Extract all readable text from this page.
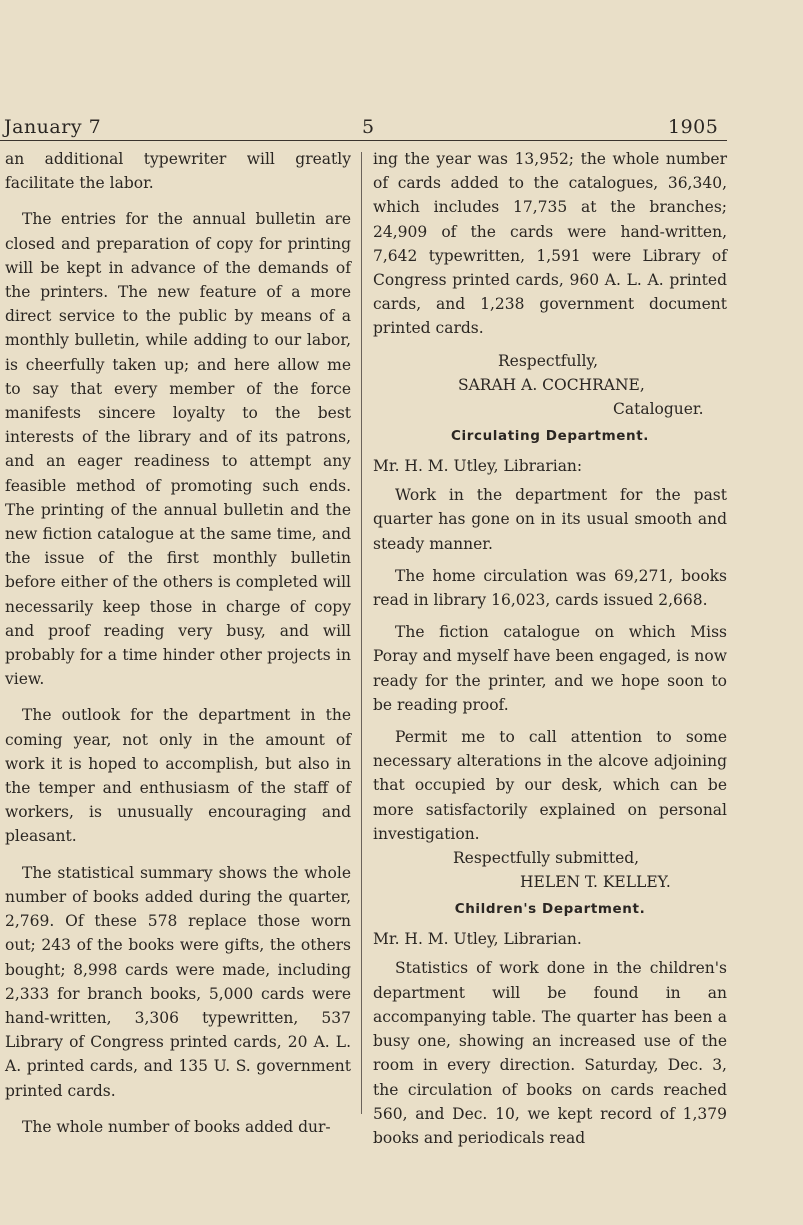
January 7	5	1905

an additional typewriter will greatly facilitate the labor.

The entries for the annual bulletin are closed and preparation of copy for printing will be kept in advance of the demands of the printers. The new feature of a more direct service to the public by means of a monthly bulletin, while adding to our labor, is cheerfully taken up; and here allow me to say that every member of the force manifests sincere loyalty to the best interests of the library and of its patrons, and an eager readiness to attempt any feasible method of promoting such ends. The printing of the annual bulletin and the new fiction catalogue at the same time, and the issue of the first monthly bulletin before either of the others is completed will necessarily keep those in charge of copy and proof reading very busy, and will probably for a time hinder other projects in view.

The outlook for the department in the coming year, not only in the amount of work it is hoped to accomplish, but also in the temper and enthusiasm of the staff of workers, is unusually encouraging and pleasant.

The statistical summary shows the whole number of books added during the quarter, 2,769. Of these 578 replace those worn out; 243 of the books were gifts, the others bought; 8,998 cards were made, including 2,333 for branch books, 5,000 cards were hand-written, 3,306 typewritten, 537 Library of Congress printed cards, 20 A. L. A. printed cards, and 135 U. S. government printed cards.

The whole number of books added dur-

ing the year was 13,952; the whole number of cards added to the catalogues, 36,340, which includes 17,735 at the branches; 24,909 of the cards were hand-written, 7,642 typewritten, 1,591 were Library of Congress printed cards, 960 A. L. A. printed cards, and 1,238 government document printed cards.

Respectfully,

SARAH A. COCHRANE,

Cataloguer.

Circulating Department.

Mr. H. M. Utley, Librarian:

Work in the department for the past quarter has gone on in its usual smooth and steady manner.

The home circulation was 69,271, books read in library 16,023, cards issued 2,668.

The fiction catalogue on which Miss Poray and myself have been engaged, is now ready for the printer, and we hope soon to be reading proof.

Permit me to call attention to some necessary alterations in the alcove adjoining that occupied by our desk, which can be more satisfactorily explained on personal investigation.

Respectfully submitted,

HELEN T. KELLEY.

Children's Department.

Mr. H. M. Utley, Librarian.

Statistics of work done in the children's department will be found in an accompanying table. The quarter has been a busy one, showing an increased use of the room in every direction. Saturday, Dec. 3, the circulation of books on cards reached 560, and Dec. 10, we kept record of 1,379 books and periodicals read
